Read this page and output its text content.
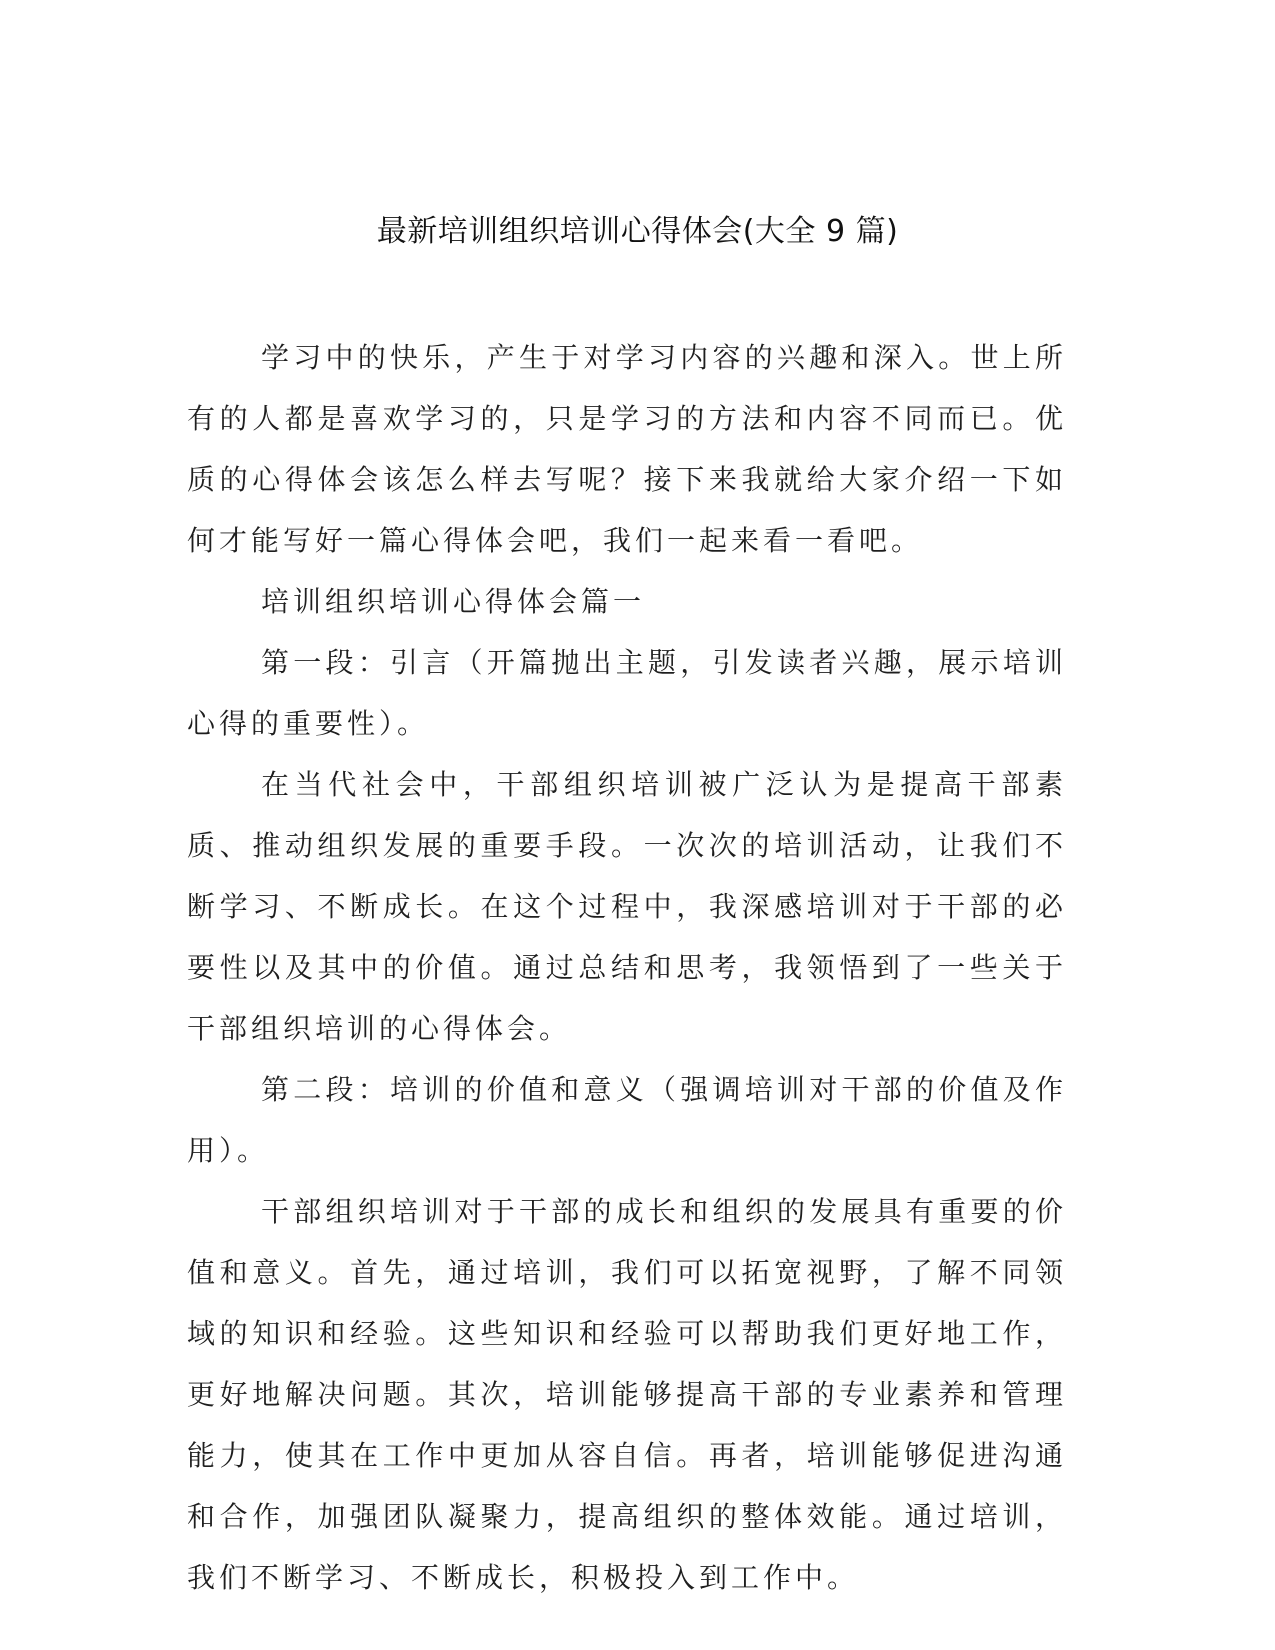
最新培训组织培训心得体会(大全 9 篇)

学习中的快乐，产生于对学习内容的兴趣和深入。世上所有的人都是喜欢学习的，只是学习的方法和内容不同而已。优质的心得体会该怎么样去写呢？接下来我就给大家介绍一下如何才能写好一篇心得体会吧，我们一起来看一看吧。

培训组织培训心得体会篇一

第一段：引言（开篇抛出主题，引发读者兴趣，展示培训心得的重要性）。

在当代社会中，干部组织培训被广泛认为是提高干部素质、推动组织发展的重要手段。一次次的培训活动，让我们不断学习、不断成长。在这个过程中，我深感培训对于干部的必要性以及其中的价值。通过总结和思考，我领悟到了一些关于干部组织培训的心得体会。

第二段：培训的价值和意义（强调培训对干部的价值及作用）。

干部组织培训对于干部的成长和组织的发展具有重要的价值和意义。首先，通过培训，我们可以拓宽视野，了解不同领域的知识和经验。这些知识和经验可以帮助我们更好地工作，更好地解决问题。其次，培训能够提高干部的专业素养和管理能力，使其在工作中更加从容自信。再者，培训能够促进沟通和合作，加强团队凝聚力，提高组织的整体效能。通过培训，我们不断学习、不断成长，积极投入到工作中。
